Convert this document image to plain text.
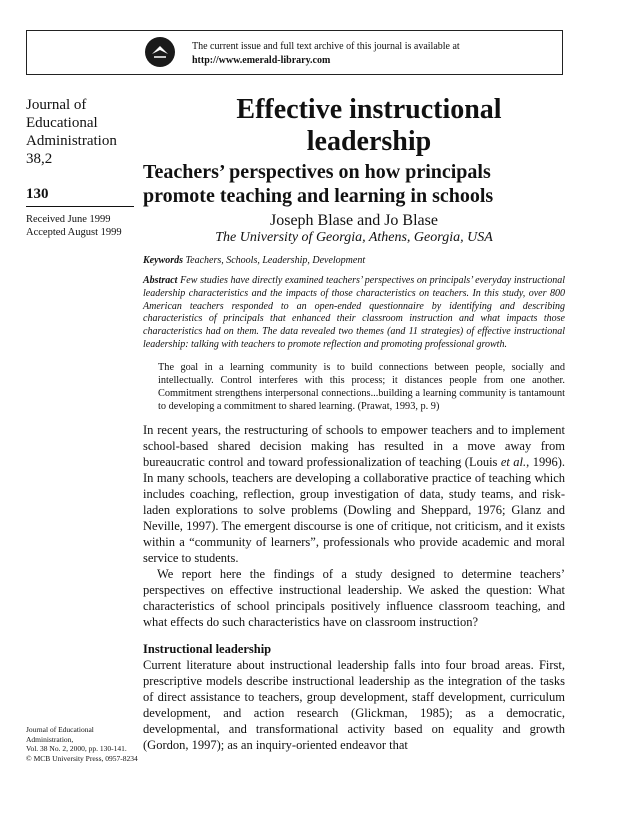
The current issue and full text archive of this journal is available at
http://www.emerald-library.com
Journal of
Educational
Administration
38,2
130
Received June 1999
Accepted August 1999
Journal of Educational
Administration,
Vol. 38 No. 2, 2000, pp. 130-141.
© MCB University Press, 0957-8234
Effective instructional
leadership
Teachers’ perspectives on how principals
promote teaching and learning in schools
Joseph Blase and Jo Blase
The University of Georgia, Athens, Georgia, USA
Keywords Teachers, Schools, Leadership, Development
Abstract Few studies have directly examined teachers’ perspectives on principals’ everyday instructional leadership characteristics and the impacts of those characteristics on teachers. In this study, over 800 American teachers responded to an open-ended questionnaire by identifying and describing characteristics of principals that enhanced their classroom instruction and what impacts those characteristics had on them. The data revealed two themes (and 11 strategies) of effective instructional leadership: talking with teachers to promote reflection and promoting professional growth.
The goal in a learning community is to build connections between people, socially and intellectually. Control interferes with this process; it distances people from one another. Commitment strengthens interpersonal connections...building a learning community is tantamount to developing a commitment to shared learning. (Prawat, 1993, p. 9)

In recent years, the restructuring of schools to empower teachers and to implement school-based shared decision making has resulted in a move away from bureaucratic control and toward professionalization of teaching (Louis et al., 1996). In many schools, teachers are developing a collaborative practice of teaching which includes coaching, reflection, group investigation of data, study teams, and risk-laden explorations to solve problems (Dowling and Sheppard, 1976; Glanz and Neville, 1997). The emergent discourse is one of critique, not criticism, and it exists within a “community of learners”, professionals who provide academic and moral service to students.

We report here the findings of a study designed to determine teachers’ perspectives on effective instructional leadership. We asked the question: What characteristics of school principals positively influence classroom teaching, and what effects do such characteristics have on classroom instruction?

Instructional leadership

Current literature about instructional leadership falls into four broad areas. First, prescriptive models describe instructional leadership as the integration of the tasks of direct assistance to teachers, group development, staff development, curriculum development, and action research (Glickman, 1985); as a democratic, developmental, and transformational activity based on equality and growth (Gordon, 1997); as an inquiry-oriented endeavor that
